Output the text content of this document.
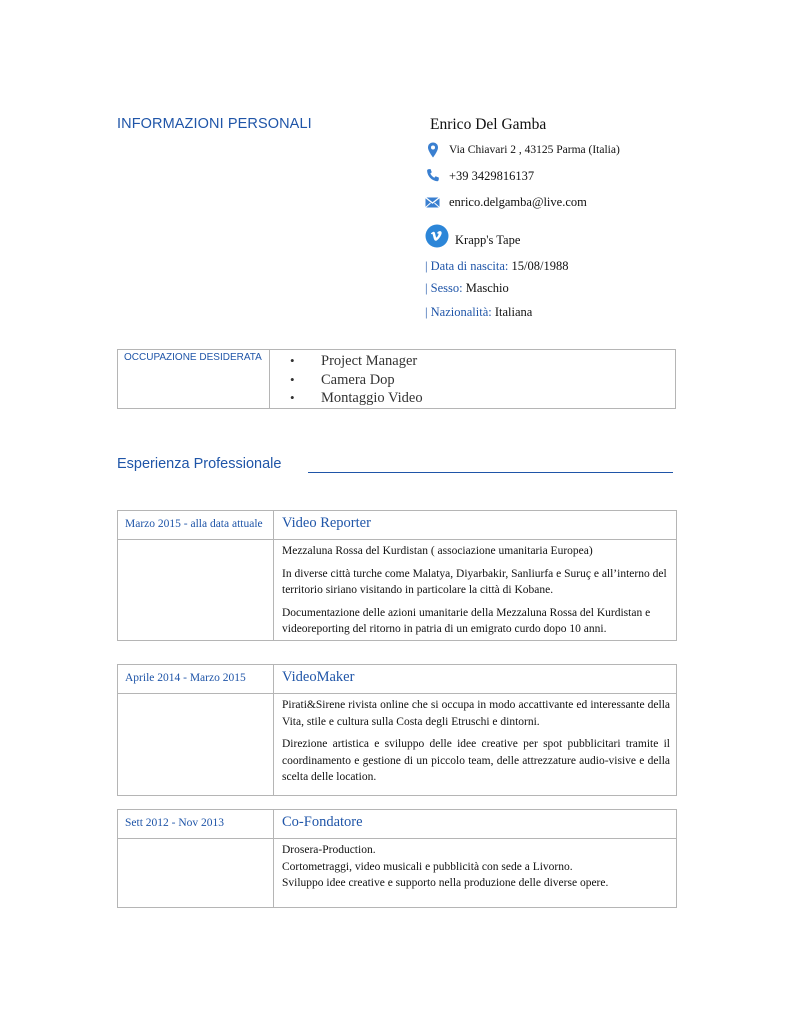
INFORMAZIONI PERSONALI	Enrico Del Gamba
Via Chiavari 2 , 43125 Parma (Italia)
+39 3429816137
enrico.delgamba@live.com
Krapp's Tape
| Data di nascita: 15/08/1988
| Sesso: Maschio
| Nazionalità: Italiana
OCCUPAZIONE DESIDERATA
•	Project Manager
• Camera Dop
• Montaggio Video
Esperienza Professionale
Marzo 2015 - alla data attuale	Video Reporter

Mezzaluna Rossa del Kurdistan ( associazione umanitaria Europea)

In diverse città turche come Malatya, Diyarbakir, Sanliurfa e Suruç e all’interno del territorio siriano visitando in particolare la città di Kobane.

Documentazione delle azioni umanitarie della Mezzaluna Rossa del Kurdistan e videoreporting del ritorno in patria di un emigrato curdo dopo 10 anni.

Aprile 2014 - Marzo 2015	VideoMaker

Pirati&Sirene rivista online che si occupa in modo accattivante ed interessante della Vita, stile e cultura sulla Costa degli Etruschi e dintorni.

Direzione artistica e sviluppo delle idee creative per spot pubblicitari tramite il coordinamento e gestione di un piccolo team, delle attrezzature audio-visive e della scelta delle location.

Sett 2012 - Nov 2013	Co-Fondatore

Drosera-Production.

Cortometraggi, video musicali e pubblicità con sede a Livorno.

Sviluppo idee creative e supporto nella produzione delle diverse opere.
